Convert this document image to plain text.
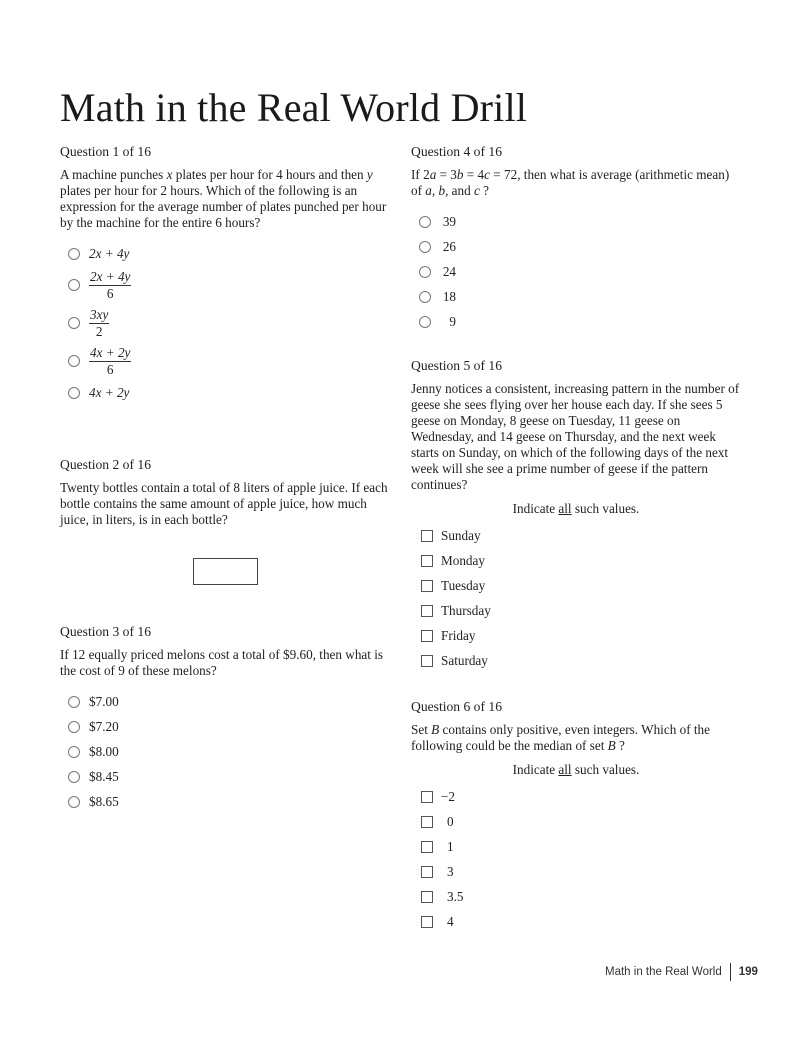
Math in the Real World Drill

Question 1 of 16

A machine punches x plates per hour for 4 hours and then y plates per hour for 2 hours. Which of the following is an expression for the average number of plates punched per hour by the machine for the entire 6 hours?

2x + 4y
$\frac{2x + 4y}{6}$
$\frac{3xy}{2}$
$\frac{4x + 2y}{6}$
4x + 2y

Question 2 of 16

Twenty bottles contain a total of 8 liters of apple juice. If each bottle contains the same amount of apple juice, how much juice, in liters, is in each bottle?

Question 3 of 16

If 12 equally priced melons cost a total of $9.60, then what is the cost of 9 of these melons?

$7.00
$7.20
$8.00
$8.45
$8.65

Question 4 of 16

If 2a = 3b = 4c = 72, then what is average (arithmetic mean) of a, b, and c ?

39
26
24
18
9

Question 5 of 16

Jenny notices a consistent, increasing pattern in the number of geese she sees flying over her house each day. If she sees 5 geese on Monday, 8 geese on Tuesday, 11 geese on Wednesday, and 14 geese on Thursday, and the next week starts on Sunday, on which of the following days of the next week will she see a prime number of geese if the pattern continues?

Indicate all such values.

Sunday
Monday
Tuesday
Thursday
Friday
Saturday

Question 6 of 16

Set B contains only positive, even integers. Which of the following could be the median of set B ?

Indicate all such values.

−2
0
1
3
3.5
4
Math in the Real World 199
